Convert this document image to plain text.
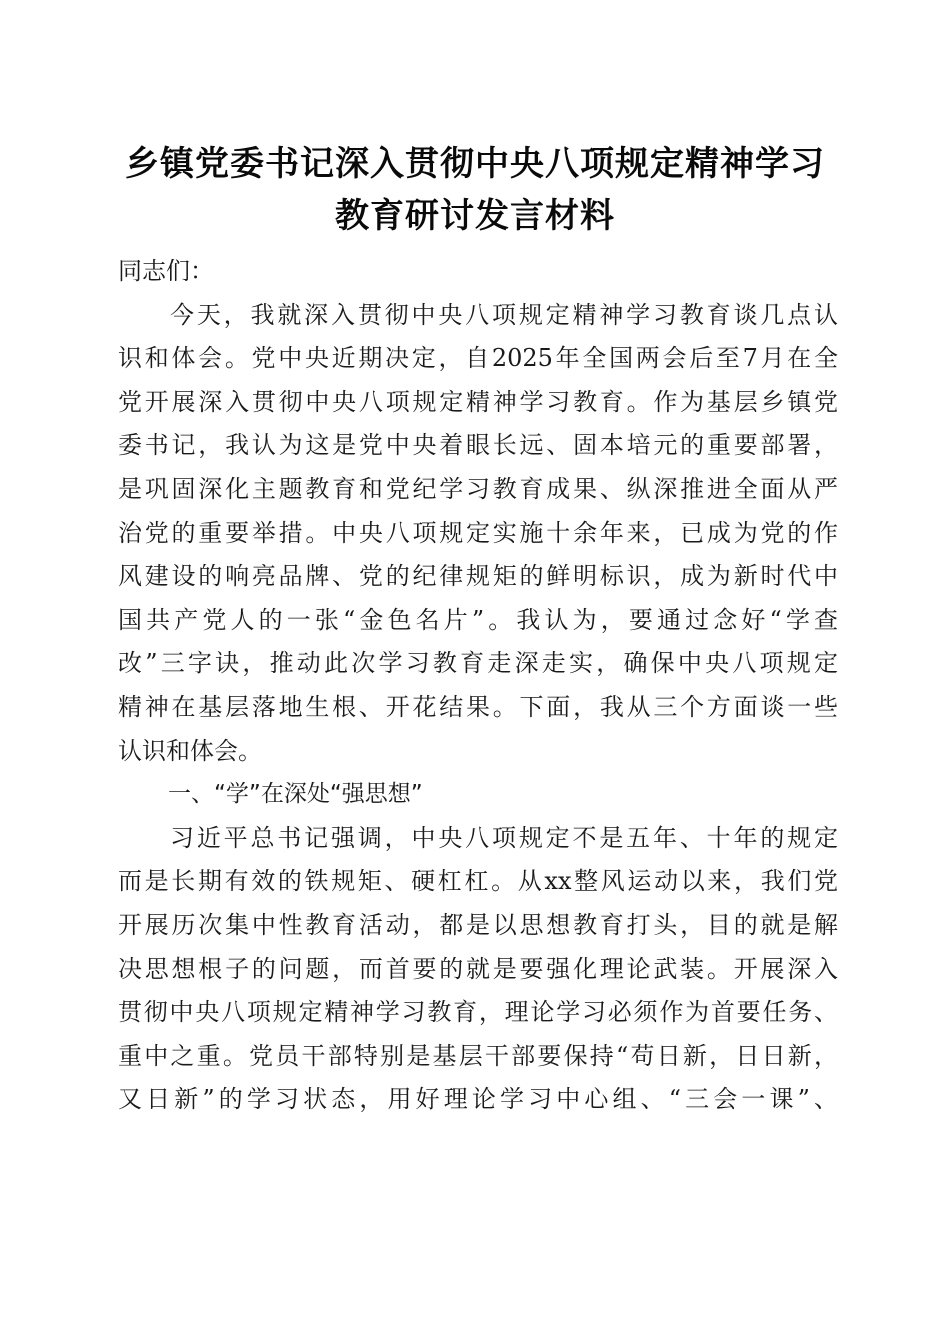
乡镇党委书记深入贯彻中央八项规定精神学习
教育研讨发言材料
同志们：
今天，我就深入贯彻中央八项规定精神学习教育谈几点认
识和体会。党中央近期决定，自2025年全国两会后至7月在全
党开展深入贯彻中央八项规定精神学习教育。作为基层乡镇党
委书记，我认为这是党中央着眼长远、固本培元的重要部署，
是巩固深化主题教育和党纪学习教育成果、纵深推进全面从严
治党的重要举措。中央八项规定实施十余年来，已成为党的作
风建设的响亮品牌、党的纪律规矩的鲜明标识，成为新时代中
国共产党人的一张“金色名片”。我认为，要通过念好“学查
改”三字诀，推动此次学习教育走深走实，确保中央八项规定
精神在基层落地生根、开花结果。下面，我从三个方面谈一些
认识和体会。
一、“学”在深处“强思想”
习近平总书记强调，中央八项规定不是五年、十年的规定
而是长期有效的铁规矩、硬杠杠。从xx整风运动以来，我们党
开展历次集中性教育活动，都是以思想教育打头，目的就是解
决思想根子的问题，而首要的就是要强化理论武装。开展深入
贯彻中央八项规定精神学习教育，理论学习必须作为首要任务、
重中之重。党员干部特别是基层干部要保持“苟日新，日日新，
又日新”的学习状态，用好理论学习中心组、“三会一课”、
